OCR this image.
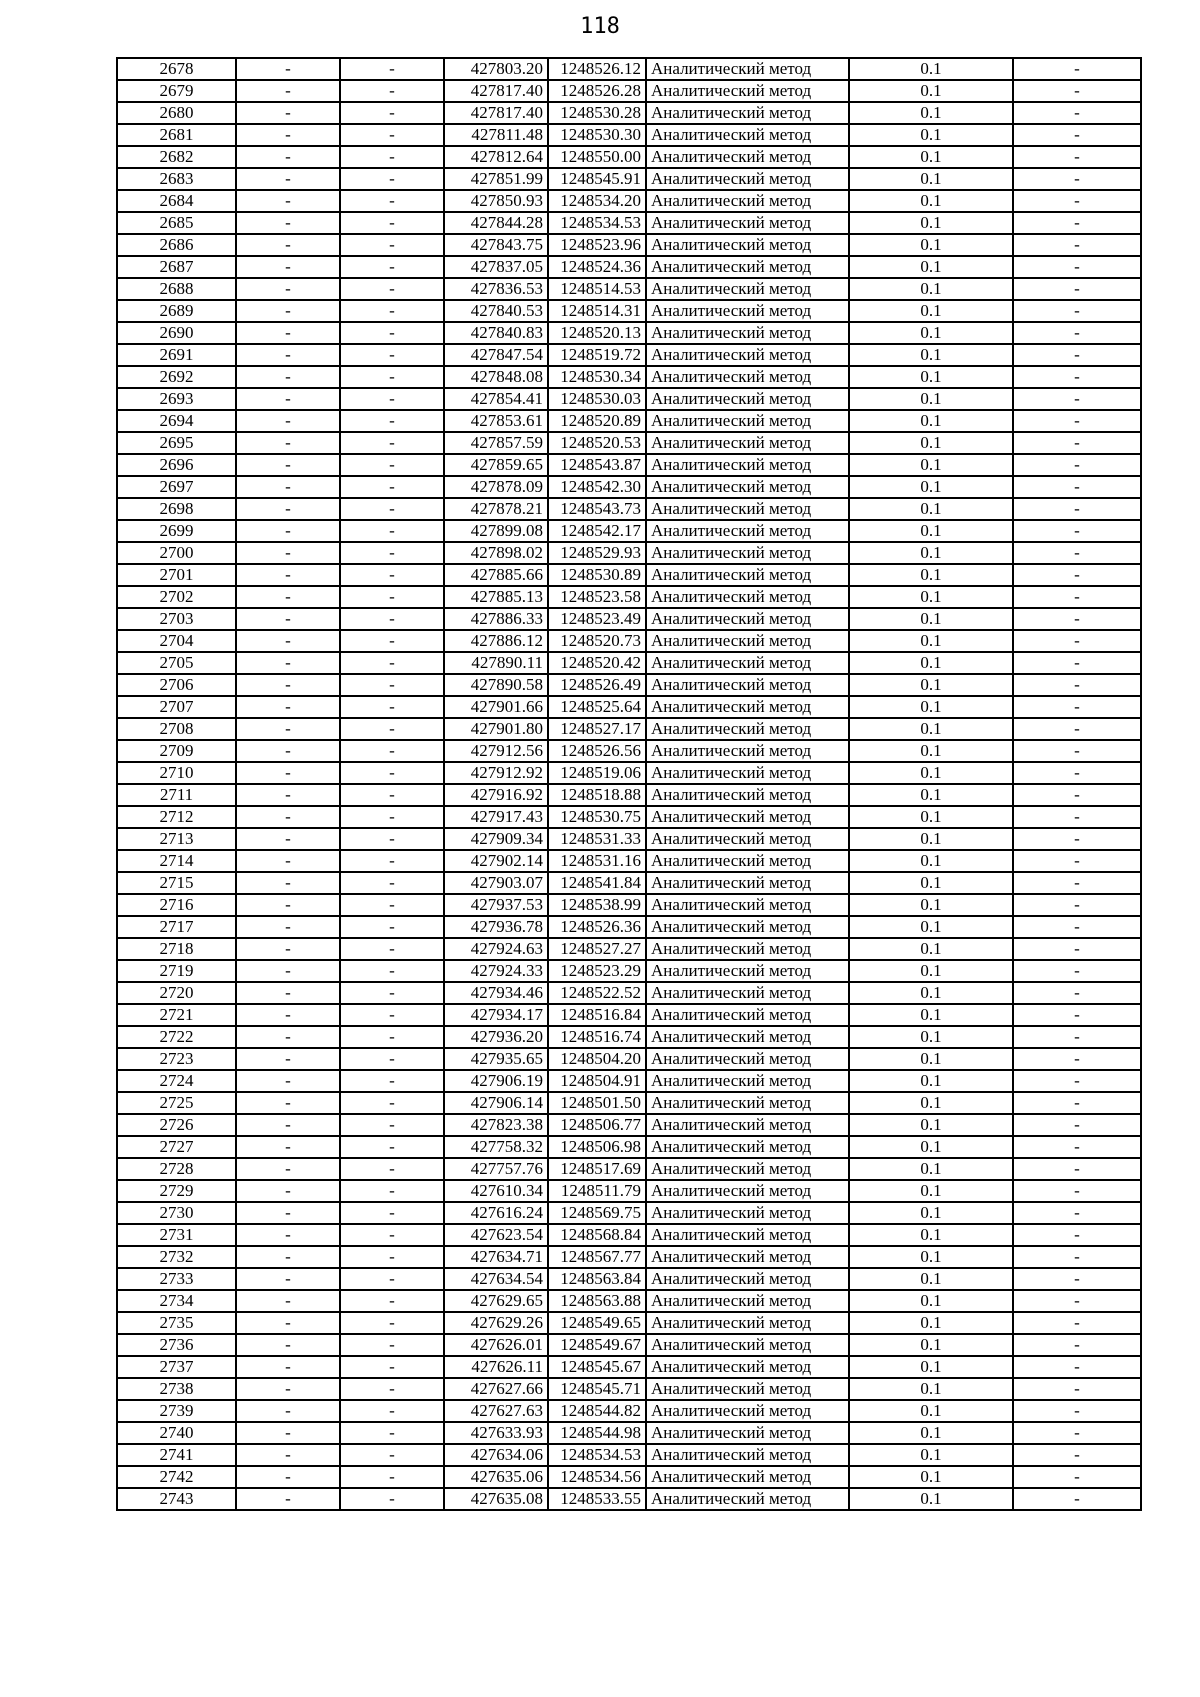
118
2678	-	-	427803.20	1248526.12	Аналитический метод	0.1	-
2679	-	-	427817.40	1248526.28	Аналитический метод	0.1	-
2680	-	-	427817.40	1248530.28	Аналитический метод	0.1	-
2681	-	-	427811.48	1248530.30	Аналитический метод	0.1	-
2682	-	-	427812.64	1248550.00	Аналитический метод	0.1	-
2683	-	-	427851.99	1248545.91	Аналитический метод	0.1	-
2684	-	-	427850.93	1248534.20	Аналитический метод	0.1	-
2685	-	-	427844.28	1248534.53	Аналитический метод	0.1	-
2686	-	-	427843.75	1248523.96	Аналитический метод	0.1	-
2687	-	-	427837.05	1248524.36	Аналитический метод	0.1	-
2688	-	-	427836.53	1248514.53	Аналитический метод	0.1	-
2689	-	-	427840.53	1248514.31	Аналитический метод	0.1	-
2690	-	-	427840.83	1248520.13	Аналитический метод	0.1	-
2691	-	-	427847.54	1248519.72	Аналитический метод	0.1	-
2692	-	-	427848.08	1248530.34	Аналитический метод	0.1	-
2693	-	-	427854.41	1248530.03	Аналитический метод	0.1	-
2694	-	-	427853.61	1248520.89	Аналитический метод	0.1	-
2695	-	-	427857.59	1248520.53	Аналитический метод	0.1	-
2696	-	-	427859.65	1248543.87	Аналитический метод	0.1	-
2697	-	-	427878.09	1248542.30	Аналитический метод	0.1	-
2698	-	-	427878.21	1248543.73	Аналитический метод	0.1	-
2699	-	-	427899.08	1248542.17	Аналитический метод	0.1	-
2700	-	-	427898.02	1248529.93	Аналитический метод	0.1	-
2701	-	-	427885.66	1248530.89	Аналитический метод	0.1	-
2702	-	-	427885.13	1248523.58	Аналитический метод	0.1	-
2703	-	-	427886.33	1248523.49	Аналитический метод	0.1	-
2704	-	-	427886.12	1248520.73	Аналитический метод	0.1	-
2705	-	-	427890.11	1248520.42	Аналитический метод	0.1	-
2706	-	-	427890.58	1248526.49	Аналитический метод	0.1	-
2707	-	-	427901.66	1248525.64	Аналитический метод	0.1	-
2708	-	-	427901.80	1248527.17	Аналитический метод	0.1	-
2709	-	-	427912.56	1248526.56	Аналитический метод	0.1	-
2710	-	-	427912.92	1248519.06	Аналитический метод	0.1	-
2711	-	-	427916.92	1248518.88	Аналитический метод	0.1	-
2712	-	-	427917.43	1248530.75	Аналитический метод	0.1	-
2713	-	-	427909.34	1248531.33	Аналитический метод	0.1	-
2714	-	-	427902.14	1248531.16	Аналитический метод	0.1	-
2715	-	-	427903.07	1248541.84	Аналитический метод	0.1	-
2716	-	-	427937.53	1248538.99	Аналитический метод	0.1	-
2717	-	-	427936.78	1248526.36	Аналитический метод	0.1	-
2718	-	-	427924.63	1248527.27	Аналитический метод	0.1	-
2719	-	-	427924.33	1248523.29	Аналитический метод	0.1	-
2720	-	-	427934.46	1248522.52	Аналитический метод	0.1	-
2721	-	-	427934.17	1248516.84	Аналитический метод	0.1	-
2722	-	-	427936.20	1248516.74	Аналитический метод	0.1	-
2723	-	-	427935.65	1248504.20	Аналитический метод	0.1	-
2724	-	-	427906.19	1248504.91	Аналитический метод	0.1	-
2725	-	-	427906.14	1248501.50	Аналитический метод	0.1	-
2726	-	-	427823.38	1248506.77	Аналитический метод	0.1	-
2727	-	-	427758.32	1248506.98	Аналитический метод	0.1	-
2728	-	-	427757.76	1248517.69	Аналитический метод	0.1	-
2729	-	-	427610.34	1248511.79	Аналитический метод	0.1	-
2730	-	-	427616.24	1248569.75	Аналитический метод	0.1	-
2731	-	-	427623.54	1248568.84	Аналитический метод	0.1	-
2732	-	-	427634.71	1248567.77	Аналитический метод	0.1	-
2733	-	-	427634.54	1248563.84	Аналитический метод	0.1	-
2734	-	-	427629.65	1248563.88	Аналитический метод	0.1	-
2735	-	-	427629.26	1248549.65	Аналитический метод	0.1	-
2736	-	-	427626.01	1248549.67	Аналитический метод	0.1	-
2737	-	-	427626.11	1248545.67	Аналитический метод	0.1	-
2738	-	-	427627.66	1248545.71	Аналитический метод	0.1	-
2739	-	-	427627.63	1248544.82	Аналитический метод	0.1	-
2740	-	-	427633.93	1248544.98	Аналитический метод	0.1	-
2741	-	-	427634.06	1248534.53	Аналитический метод	0.1	-
2742	-	-	427635.06	1248534.56	Аналитический метод	0.1	-
2743	-	-	427635.08	1248533.55	Аналитический метод	0.1	-
